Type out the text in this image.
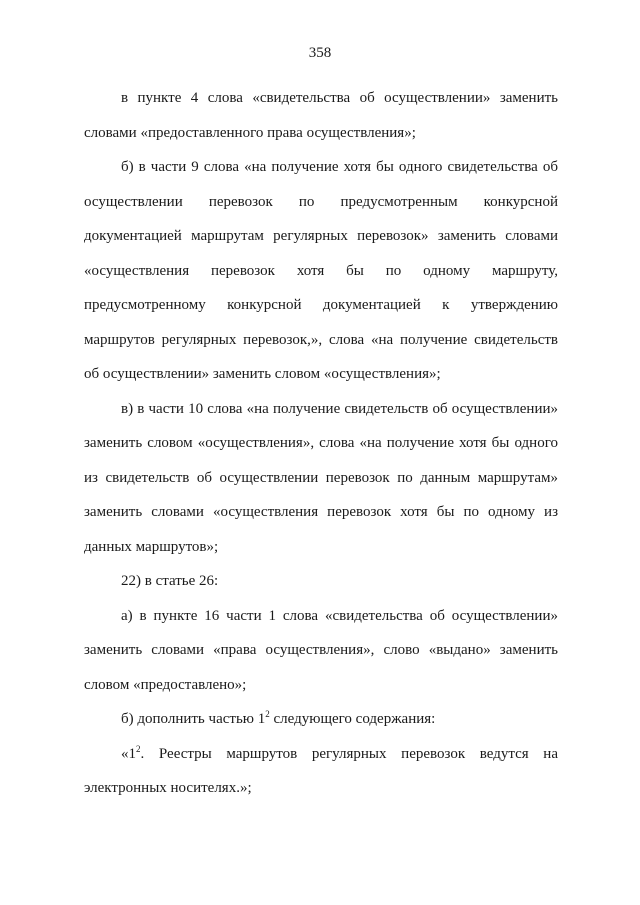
358

в пункте 4 слова «свидетельства об осуществлении» заменить словами «предоставленного права осуществления»;

б) в части 9 слова «на получение хотя бы одного свидетельства об осуществлении перевозок по предусмотренным конкурсной документацией маршрутам регулярных перевозок» заменить словами «осуществления перевозок хотя бы по одному маршруту, предусмотренному конкурсной документацией к утверждению маршрутов регулярных перевозок,», слова «на получение свидетельств об осуществлении» заменить словом «осуществления»;

в) в части 10 слова «на получение свидетельств об осуществлении» заменить словом «осуществления», слова «на получение хотя бы одного из свидетельств об осуществлении перевозок по данным маршрутам» заменить словами «осуществления перевозок хотя бы по одному из данных маршрутов»;

22) в статье 26:

а) в пункте 16 части 1 слова «свидетельства об осуществлении» заменить словами «права осуществления», слово «выдано» заменить словом «предоставлено»;

б) дополнить частью $1^2$ следующего содержания:

«$1^2$. Реестры маршрутов регулярных перевозок ведутся на электронных носителях.»;
